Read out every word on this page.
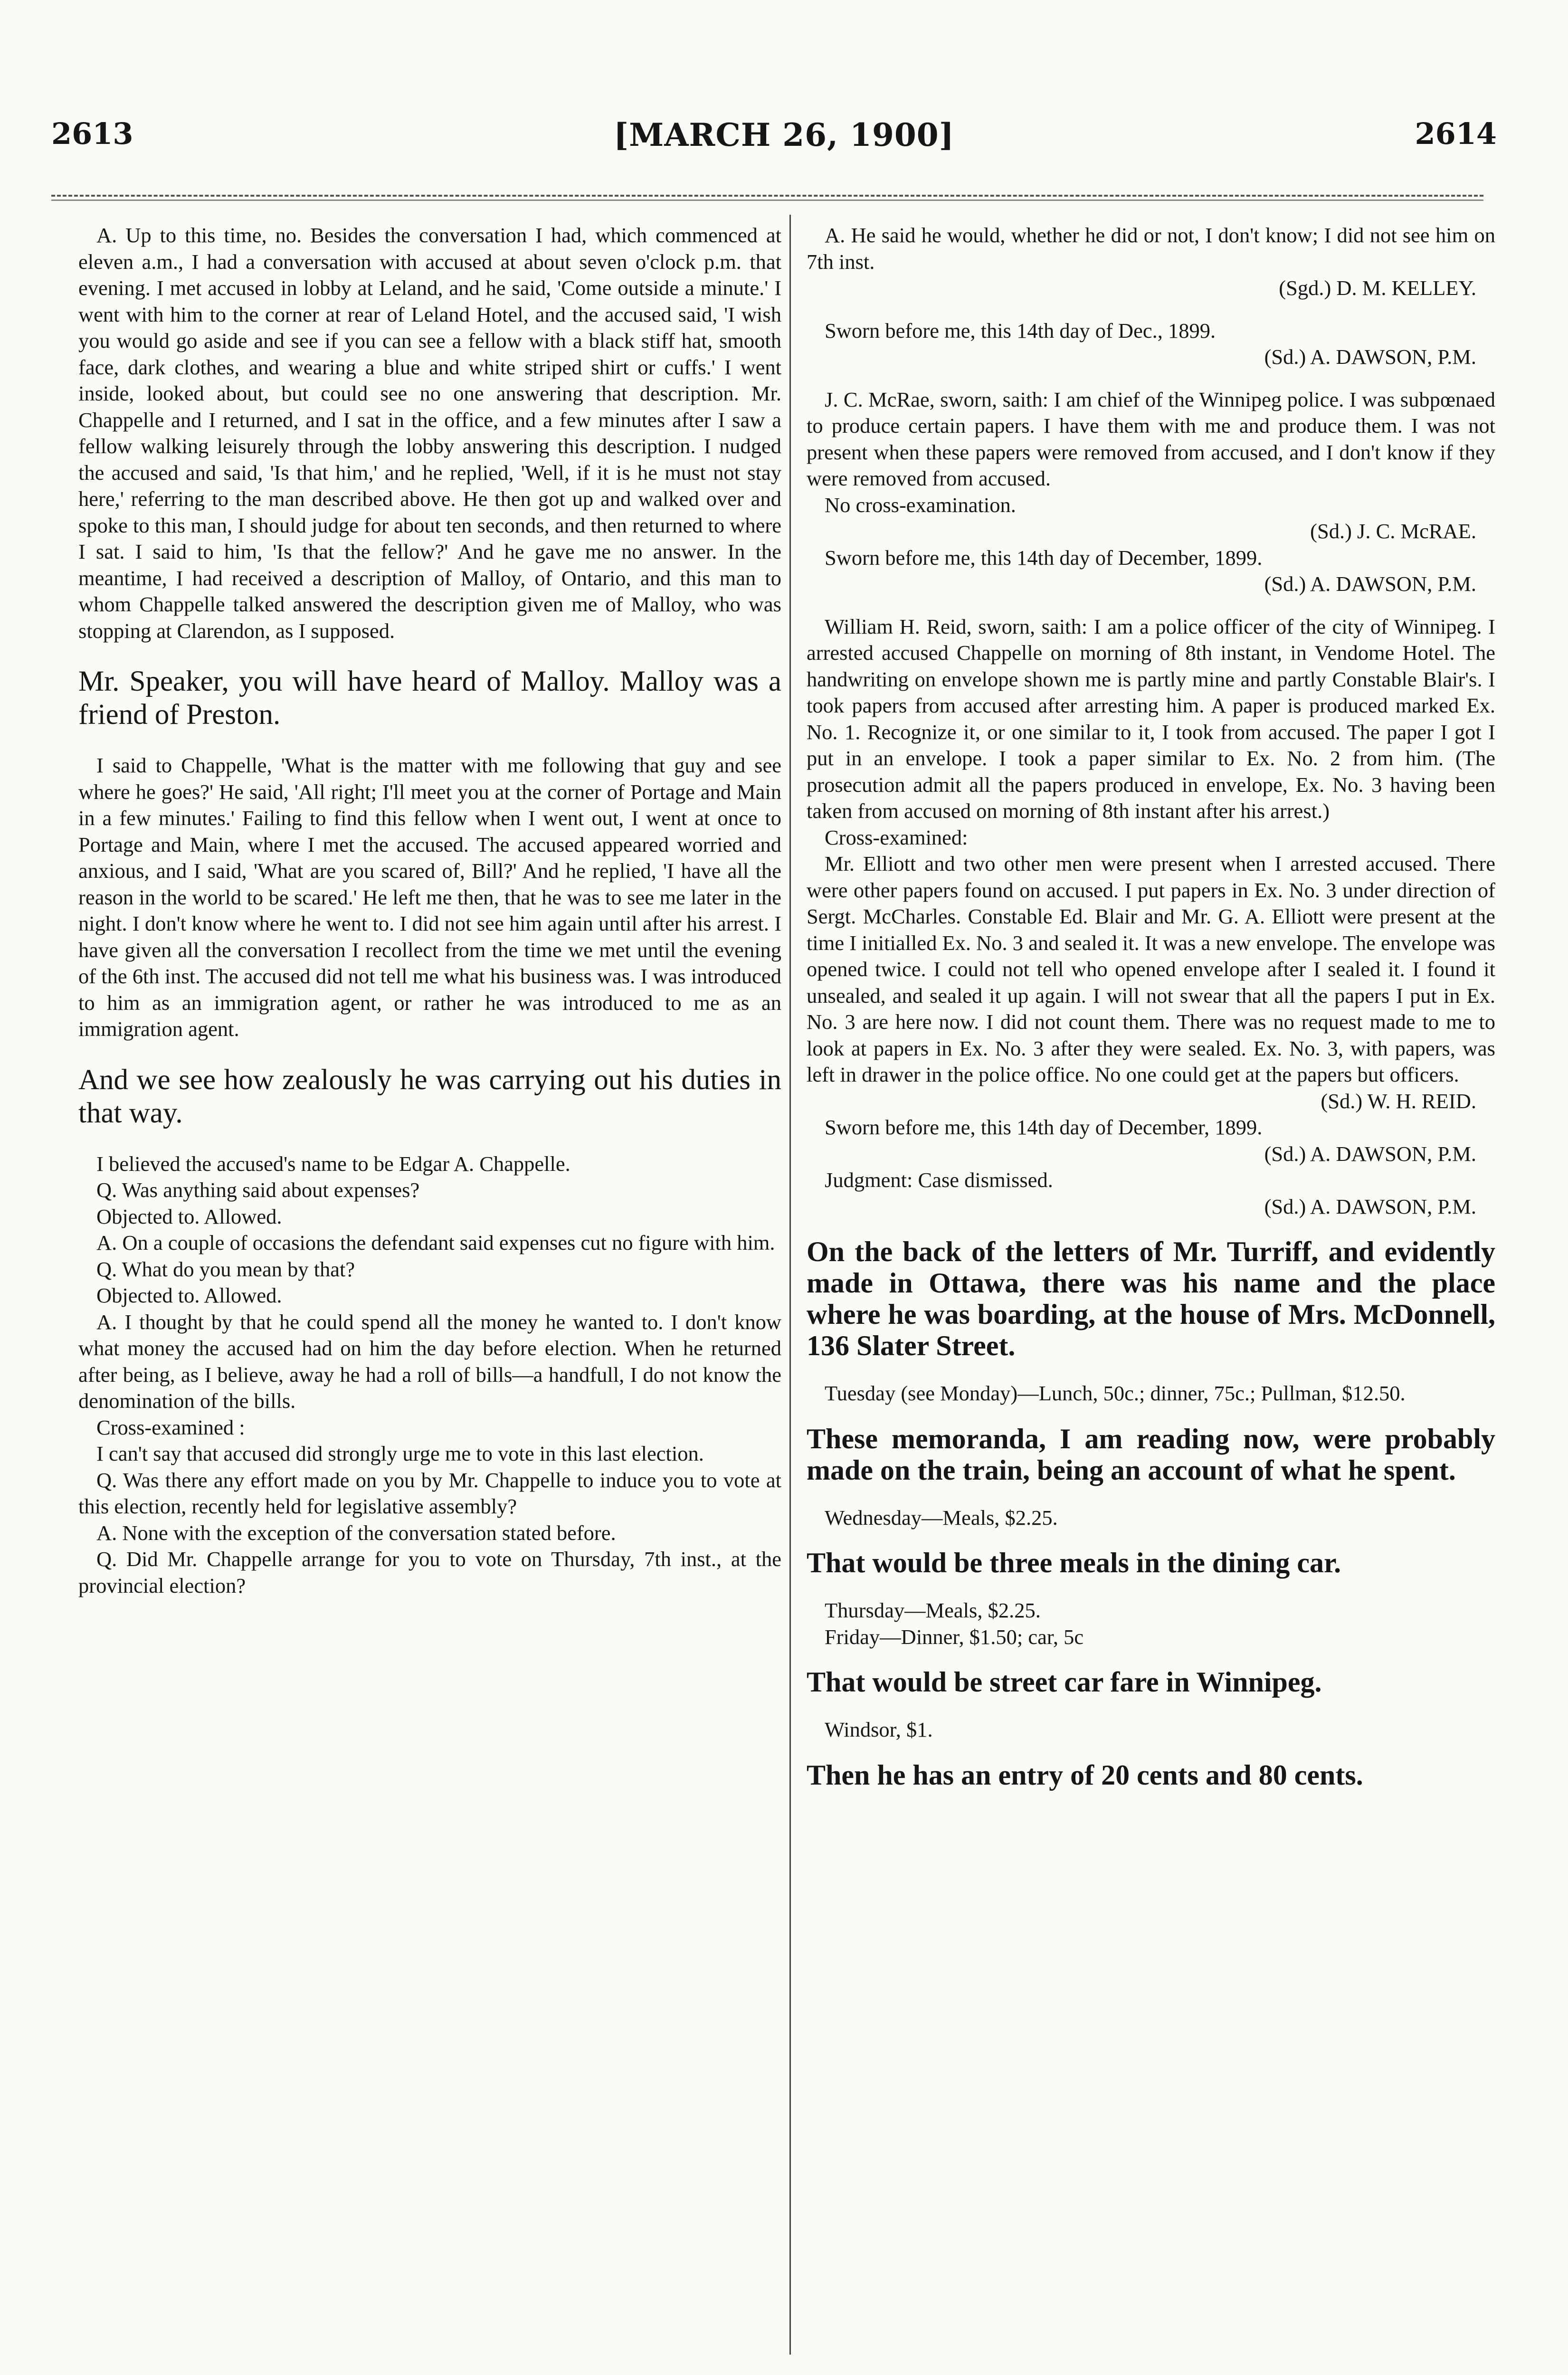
2613	[MARCH 26, 1900]	2614

A. Up to this time, no. Besides the conversation I had, which commenced at eleven a.m., I had a conversation with accused at about seven o'clock p.m. that evening. I met accused in lobby at Leland, and he said, 'Come outside a minute.' I went with him to the corner at rear of Leland Hotel, and the accused said, 'I wish you would go aside and see if you can see a fellow with a black stiff hat, smooth face, dark clothes, and wearing a blue and white striped shirt or cuffs.' I went inside, looked about, but could see no one answering that description. Mr. Chappelle and I returned, and I sat in the office, and a few minutes after I saw a fellow walking leisurely through the lobby answering this description. I nudged the accused and said, 'Is that him,' and he replied, 'Well, if it is he must not stay here,' referring to the man described above. He then got up and walked over and spoke to this man, I should judge for about ten seconds, and then returned to where I sat. I said to him, 'Is that the fellow?' And he gave me no answer. In the meantime, I had received a description of Malloy, of Ontario, and this man to whom Chappelle talked answered the description given me of Malloy, who was stopping at Clarendon, as I supposed.

Mr. Speaker, you will have heard of Malloy. Malloy was a friend of Preston.

I said to Chappelle, 'What is the matter with me following that guy and see where he goes?' He said, 'All right; I'll meet you at the corner of Portage and Main in a few minutes.' Failing to find this fellow when I went out, I went at once to Portage and Main, where I met the accused. The accused appeared worried and anxious, and I said, 'What are you scared of, Bill?' And he replied, 'I have all the reason in the world to be scared.' He left me then, that he was to see me later in the night. I don't know where he went to. I did not see him again until after his arrest. I have given all the conversation I recollect from the time we met until the evening of the 6th inst. The accused did not tell me what his business was. I was introduced to him as an immigration agent, or rather he was introduced to me as an immigration agent.

And we see how zealously he was carrying out his duties in that way.

I believed the accused's name to be Edgar A. Chappelle.

Q. Was anything said about expenses?

Objected to. Allowed.

A. On a couple of occasions the defendant said expenses cut no figure with him.

Q. What do you mean by that?

Objected to. Allowed.

A. I thought by that he could spend all the money he wanted to. I don't know what money the accused had on him the day before election. When he returned after being, as I believe, away he had a roll of bills—a handfull, I do not know the denomination of the bills.

Cross-examined :

I can't say that accused did strongly urge me to vote in this last election.

Q. Was there any effort made on you by Mr. Chappelle to induce you to vote at this election, recently held for legislative assembly?

A. None with the exception of the conversation stated before.

Q. Did Mr. Chappelle arrange for you to vote on Thursday, 7th inst., at the provincial election?

A. He said he would, whether he did or not, I don't know; I did not see him on 7th inst.

(Sgd.) D. M. KELLEY.

Sworn before me, this 14th day of Dec., 1899.

(Sd.) A. DAWSON, P.M.

J. C. McRae, sworn, saith: I am chief of the Winnipeg police. I was subpœnaed to produce certain papers. I have them with me and produce them. I was not present when these papers were removed from accused, and I don't know if they were removed from accused.

No cross-examination.

(Sd.) J. C. McRAE.

Sworn before me, this 14th day of December, 1899.

(Sd.) A. DAWSON, P.M.

William H. Reid, sworn, saith: I am a police officer of the city of Winnipeg. I arrested accused Chappelle on morning of 8th instant, in Vendome Hotel. The handwriting on envelope shown me is partly mine and partly Constable Blair's. I took papers from accused after arresting him. A paper is produced marked Ex. No. 1. Recognize it, or one similar to it, I took from accused. The paper I got I put in an envelope. I took a paper similar to Ex. No. 2 from him. (The prosecution admit all the papers produced in envelope, Ex. No. 3 having been taken from accused on morning of 8th instant after his arrest.)

Cross-examined:

Mr. Elliott and two other men were present when I arrested accused. There were other papers found on accused. I put papers in Ex. No. 3 under direction of Sergt. McCharles. Constable Ed. Blair and Mr. G. A. Elliott were present at the time I initialled Ex. No. 3 and sealed it. It was a new envelope. The envelope was opened twice. I could not tell who opened envelope after I sealed it. I found it unsealed, and sealed it up again. I will not swear that all the papers I put in Ex. No. 3 are here now. I did not count them. There was no request made to me to look at papers in Ex. No. 3 after they were sealed. Ex. No. 3, with papers, was left in drawer in the police office. No one could get at the papers but officers.

(Sd.) W. H. REID.

Sworn before me, this 14th day of December, 1899.

(Sd.) A. DAWSON, P.M.

Judgment: Case dismissed.

(Sd.) A. DAWSON, P.M.

On the back of the letters of Mr. Turriff, and evidently made in Ottawa, there was his name and the place where he was boarding, at the house of Mrs. McDonnell, 136 Slater Street.

Tuesday (see Monday)—Lunch, 50c.; dinner, 75c.; Pullman, $12.50.

These memoranda, I am reading now, were probably made on the train, being an account of what he spent.

Wednesday—Meals, $2.25.

That would be three meals in the dining car.

Thursday—Meals, $2.25.

Friday—Dinner, $1.50; car, 5c

That would be street car fare in Winnipeg.

Windsor, $1.

Then he has an entry of 20 cents and 80 cents.
